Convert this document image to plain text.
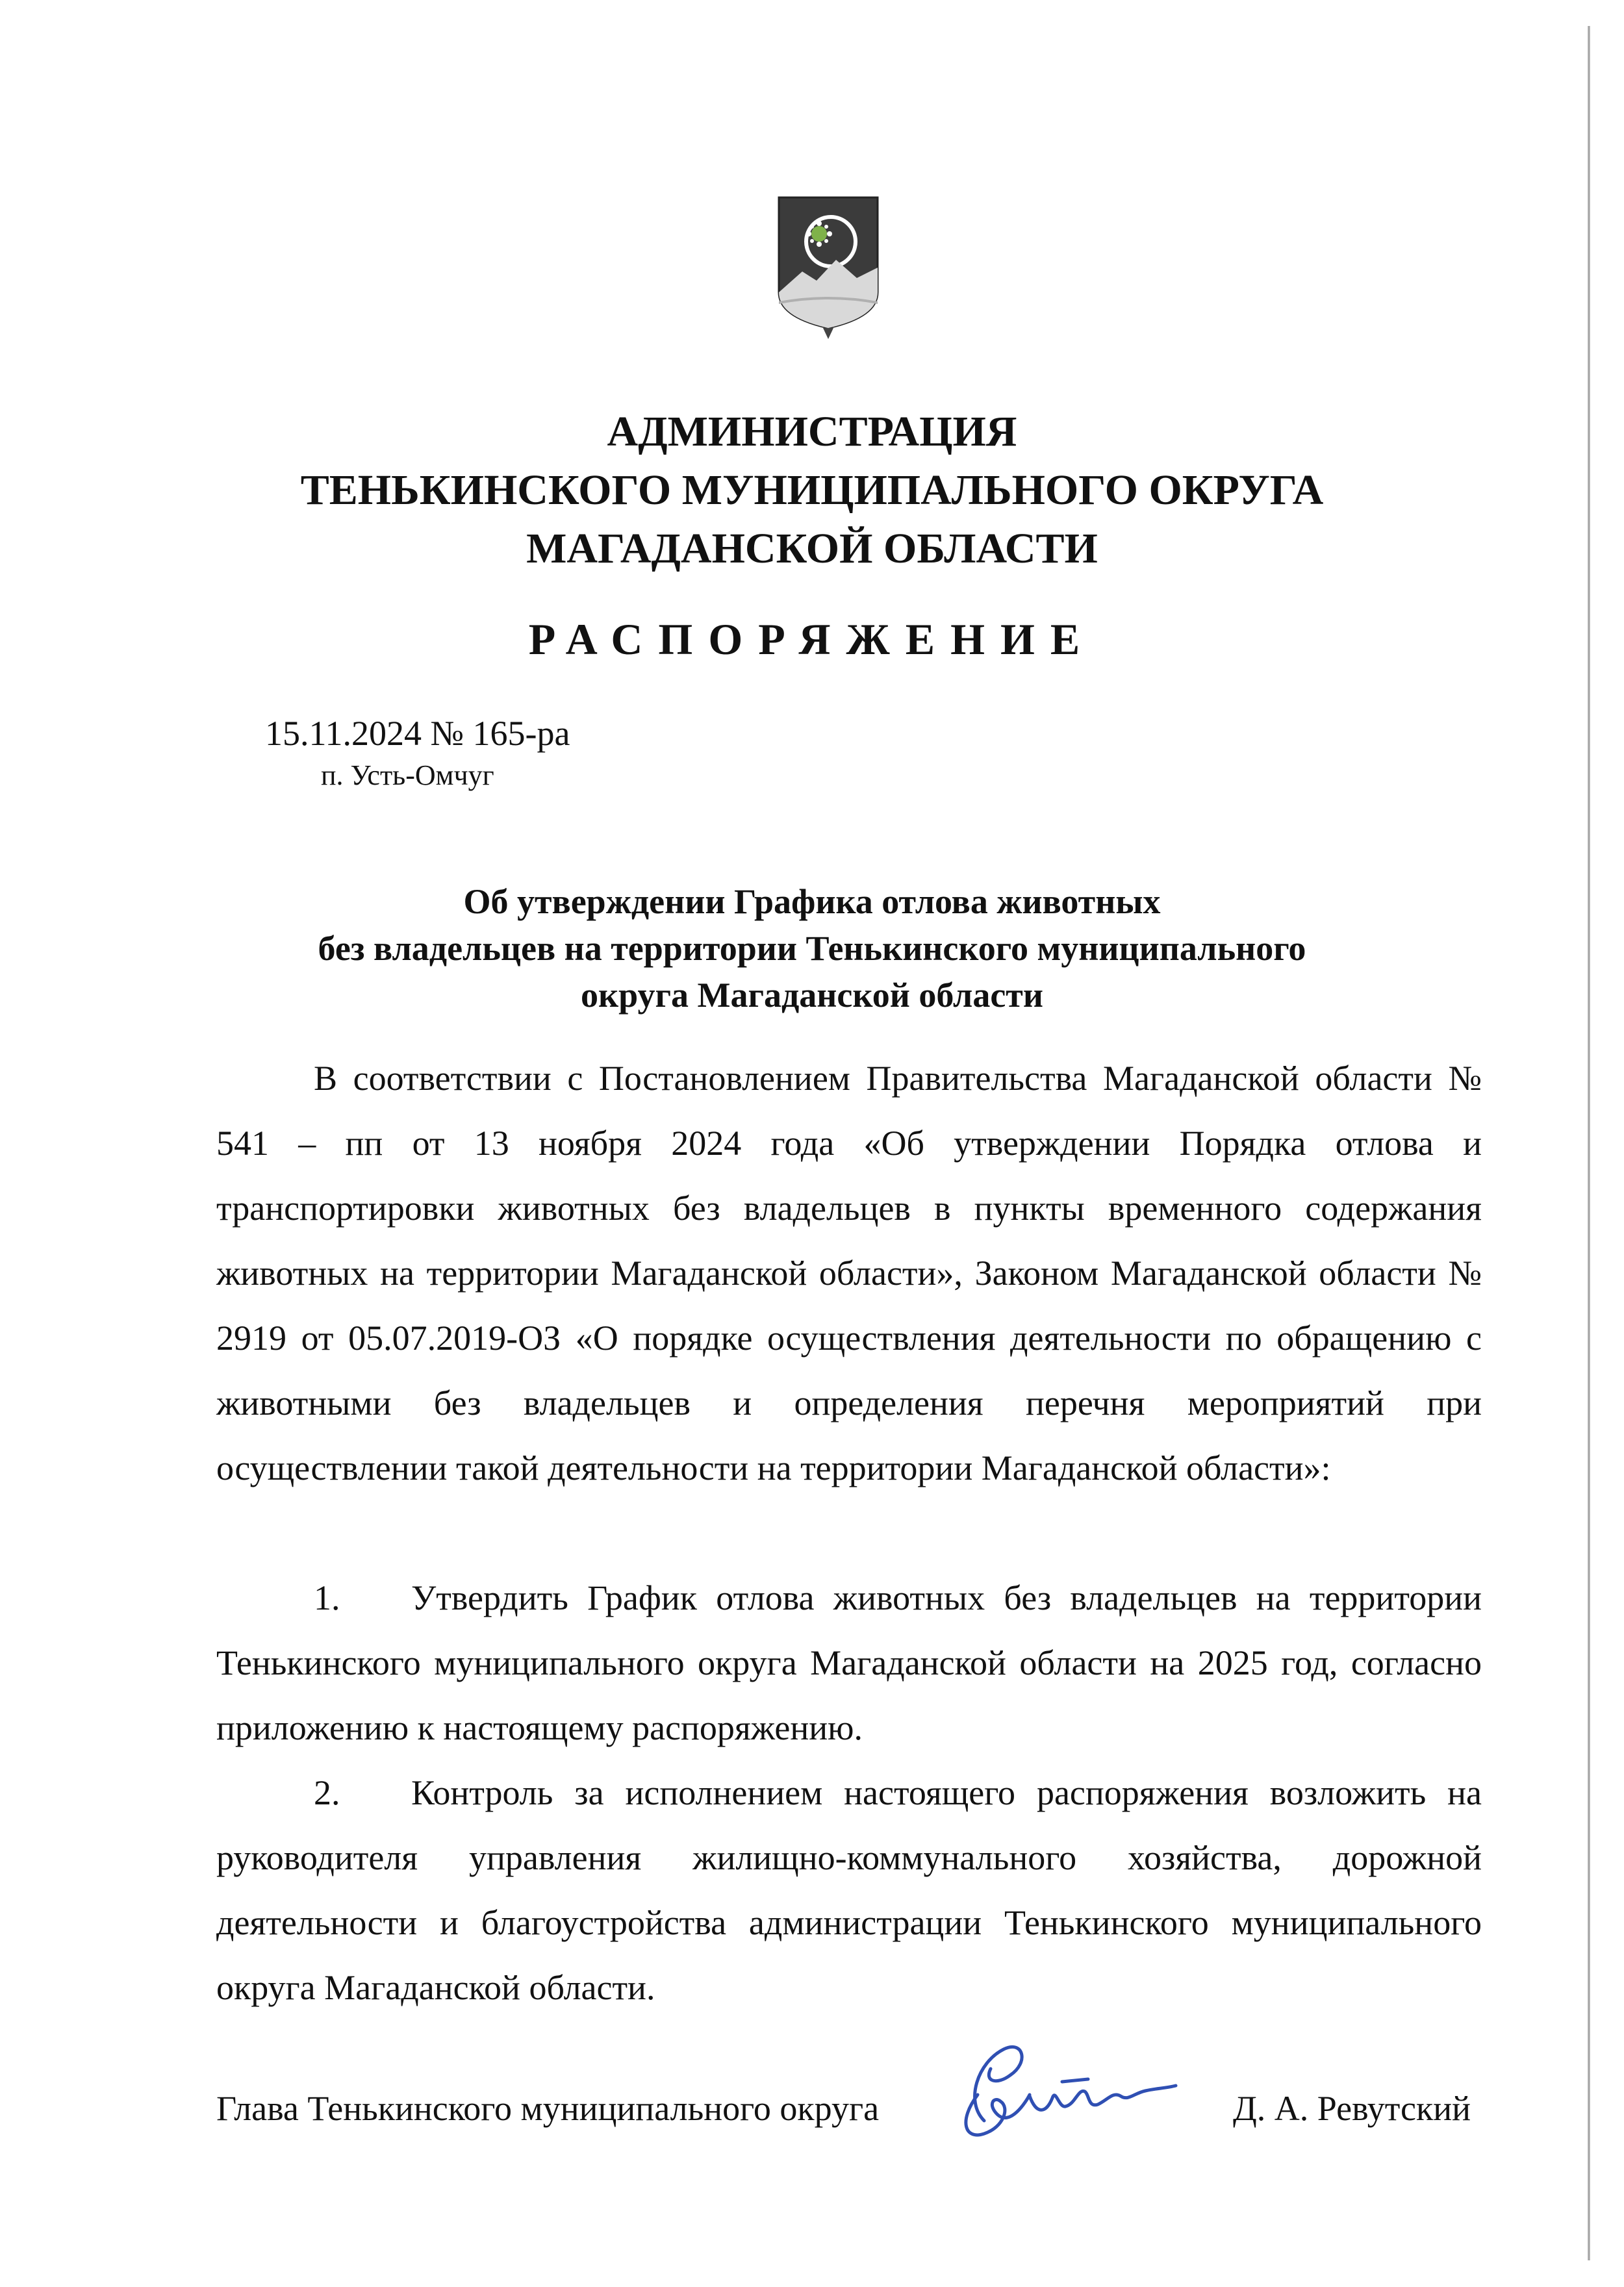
АДМИНИСТРАЦИЯ
ТЕНЬКИНСКОГО МУНИЦИПАЛЬНОГО ОКРУГА
МАГАДАНСКОЙ ОБЛАСТИ
РАСПОРЯЖЕНИЕ
15.11.2024 № 165-ра
п. Усть-Омчуг
Об утверждении Графика отлова животных
без владельцев на территории Тенькинского муниципального
округа Магаданской области
В соответствии с Постановлением Правительства Магаданской области № 541 – пп от 13 ноября 2024 года «Об утверждении Порядка отлова и транспортировки животных без владельцев в пункты временного содержания животных на территории Магаданской области», Законом Магаданской области № 2919 от 05.07.2019-ОЗ «О порядке осуществления деятельности по обращению с животными без владельцев и определения перечня мероприятий при осуществлении такой деятельности на территории Магаданской области»:
1. Утвердить График отлова животных без владельцев на территории Тенькинского муниципального округа Магаданской области на 2025 год, согласно приложению к настоящему распоряжению.
2. Контроль за исполнением настоящего распоряжения возложить на руководителя управления жилищно-коммунального хозяйства, дорожной деятельности и благоустройства администрации Тенькинского муниципального округа Магаданской области.
Глава Тенькинского муниципального округа	Д. А. Ревутский
